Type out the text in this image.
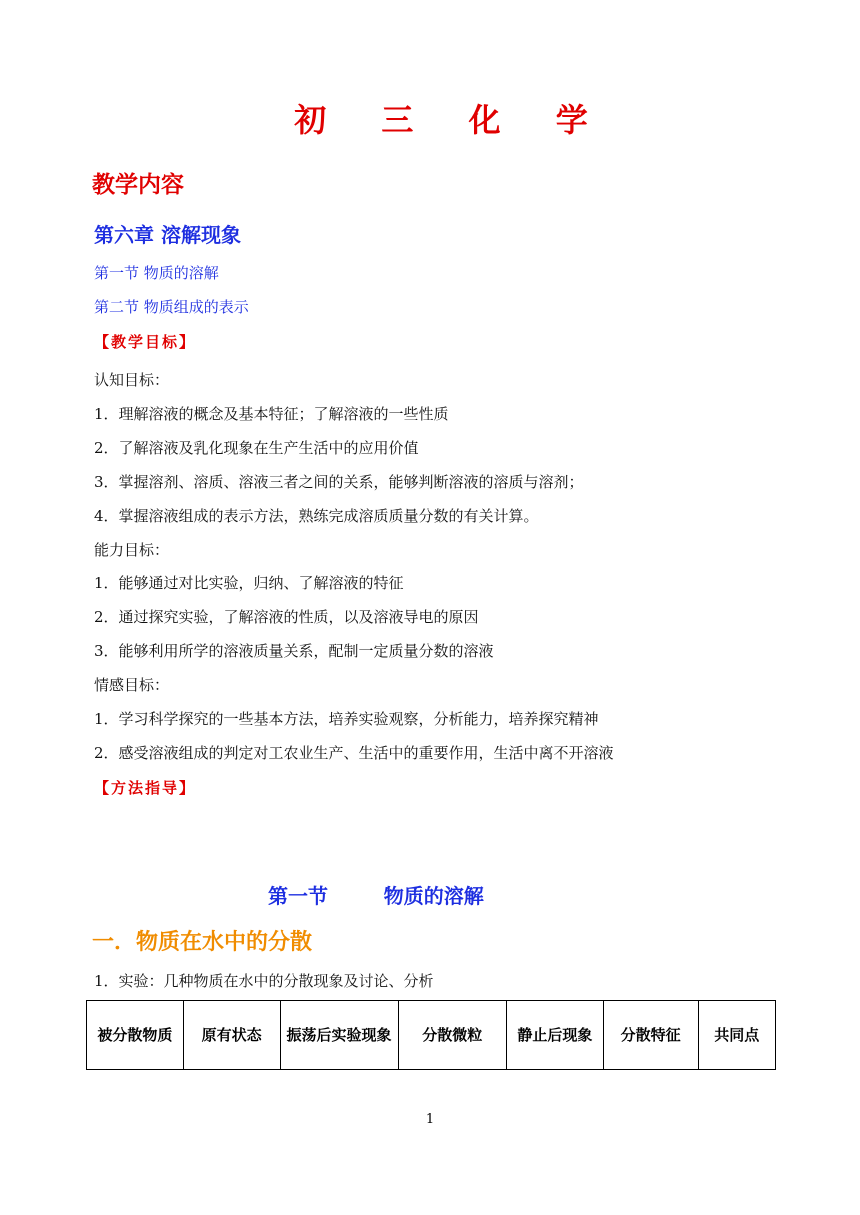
初 三 化 学
教学内容
第六章 溶解现象
第一节 物质的溶解
第二节 物质组成的表示
【教学目标】
认知目标：
1．理解溶液的概念及基本特征；了解溶液的一些性质
2．了解溶液及乳化现象在生产生活中的应用价值
3．掌握溶剂、溶质、溶液三者之间的关系，能够判断溶液的溶质与溶剂；
4．掌握溶液组成的表示方法，熟练完成溶质质量分数的有关计算。
能力目标：
1．能够通过对比实验，归纳、了解溶液的特征
2．通过探究实验，了解溶液的性质，以及溶液导电的原因
3．能够利用所学的溶液质量关系，配制一定质量分数的溶液
情感目标：
1．学习科学探究的一些基本方法，培养实验观察，分析能力，培养探究精神
2．感受溶液组成的判定对工农业生产、生活中的重要作用，生活中离不开溶液
【方法指导】
第一节        物质的溶解
一．物质在水中的分散
1．实验：几种物质在水中的分散现象及讨论、分析
被分散物质	原有状态	振荡后实验现象	分散微粒	静止后现象	分散特征	共同点
1
